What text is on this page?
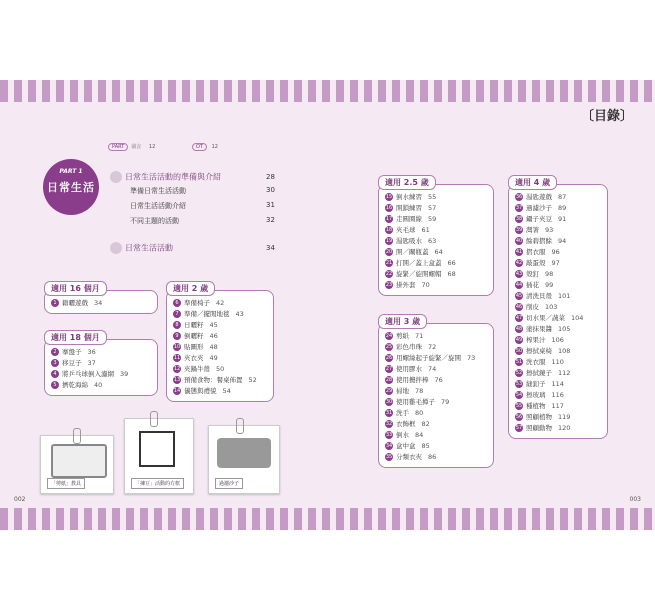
〔目錄〕
PART 前言 12	OT 12
PART 1
日常生活
日常生活活動的準備與介紹	28
準備日常生活活動	30
日常生活活動介紹	31
不同主題的活動	32
日常生活活動	34
適用 16 個月
1 籍曬遊戲 34
適用 18 個月
2 搴盤子 36
3 移豆子 37
4 將乒乓球倒入濾網 39
5 擠乾海綿 40
適用 2 歲
6 準備椅子 42
7 準備／擺閒地毯 43
8 日曬籽 45
9 倒曬籽 46
10 貼圖形 48
11 夾衣夾 49
12 夾鍋牛殼 50
13 預備食物：餐桌佈置 52
14 儀態與禮貌 54
適用 2.5 歲
15 倒水練習 55
16 開鎖練習 57
17 走圓圈線 59
18 夾毛球 61
19 湯匙吸水 63
20 開／關瓶蓋 64
21 打開／蓋上盒蓋 66
22 旋緊／旋開螺帽 68
23 掛外套 70
適用 3 歲
24 剪紙 71
25 彩色串珠 72
26 用螺絲起子旋緊／旋開 73
27 使用膠水 74
28 使用攪拌棒 76
29 掃地 78
30 使用雞毛撢子 79
31 洗手 80
32 衣飾框 82
33 倒水 84
34 盒中盒 85
35 分類衣夾 86
適用 4 歲
36 湯匙遊戲 87
37 過濾沙子 89
38 鑷子夾豆 91
39 灣箸 93
40 餘碧摺餘 94
41 摺衣服 96
42 敲蛋殼 97
43 殼釘 98
44 插花 99
45 清洗貝殼 101
46 削皮 103
47 切水果／蔬菜 104
48 塗抹果醬 105
49 榨果汁 106
50 擦拭桌椅 108
51 洗衣服 110
52 擦拭鏡子 112
53 縫釦子 114
54 擦玻璃 116
55 種植物 117
56 照顧植物 119
57 照顧動物 120
「剪紙」教具	「揀豆」活動的方框	過濾沙子
002	003
